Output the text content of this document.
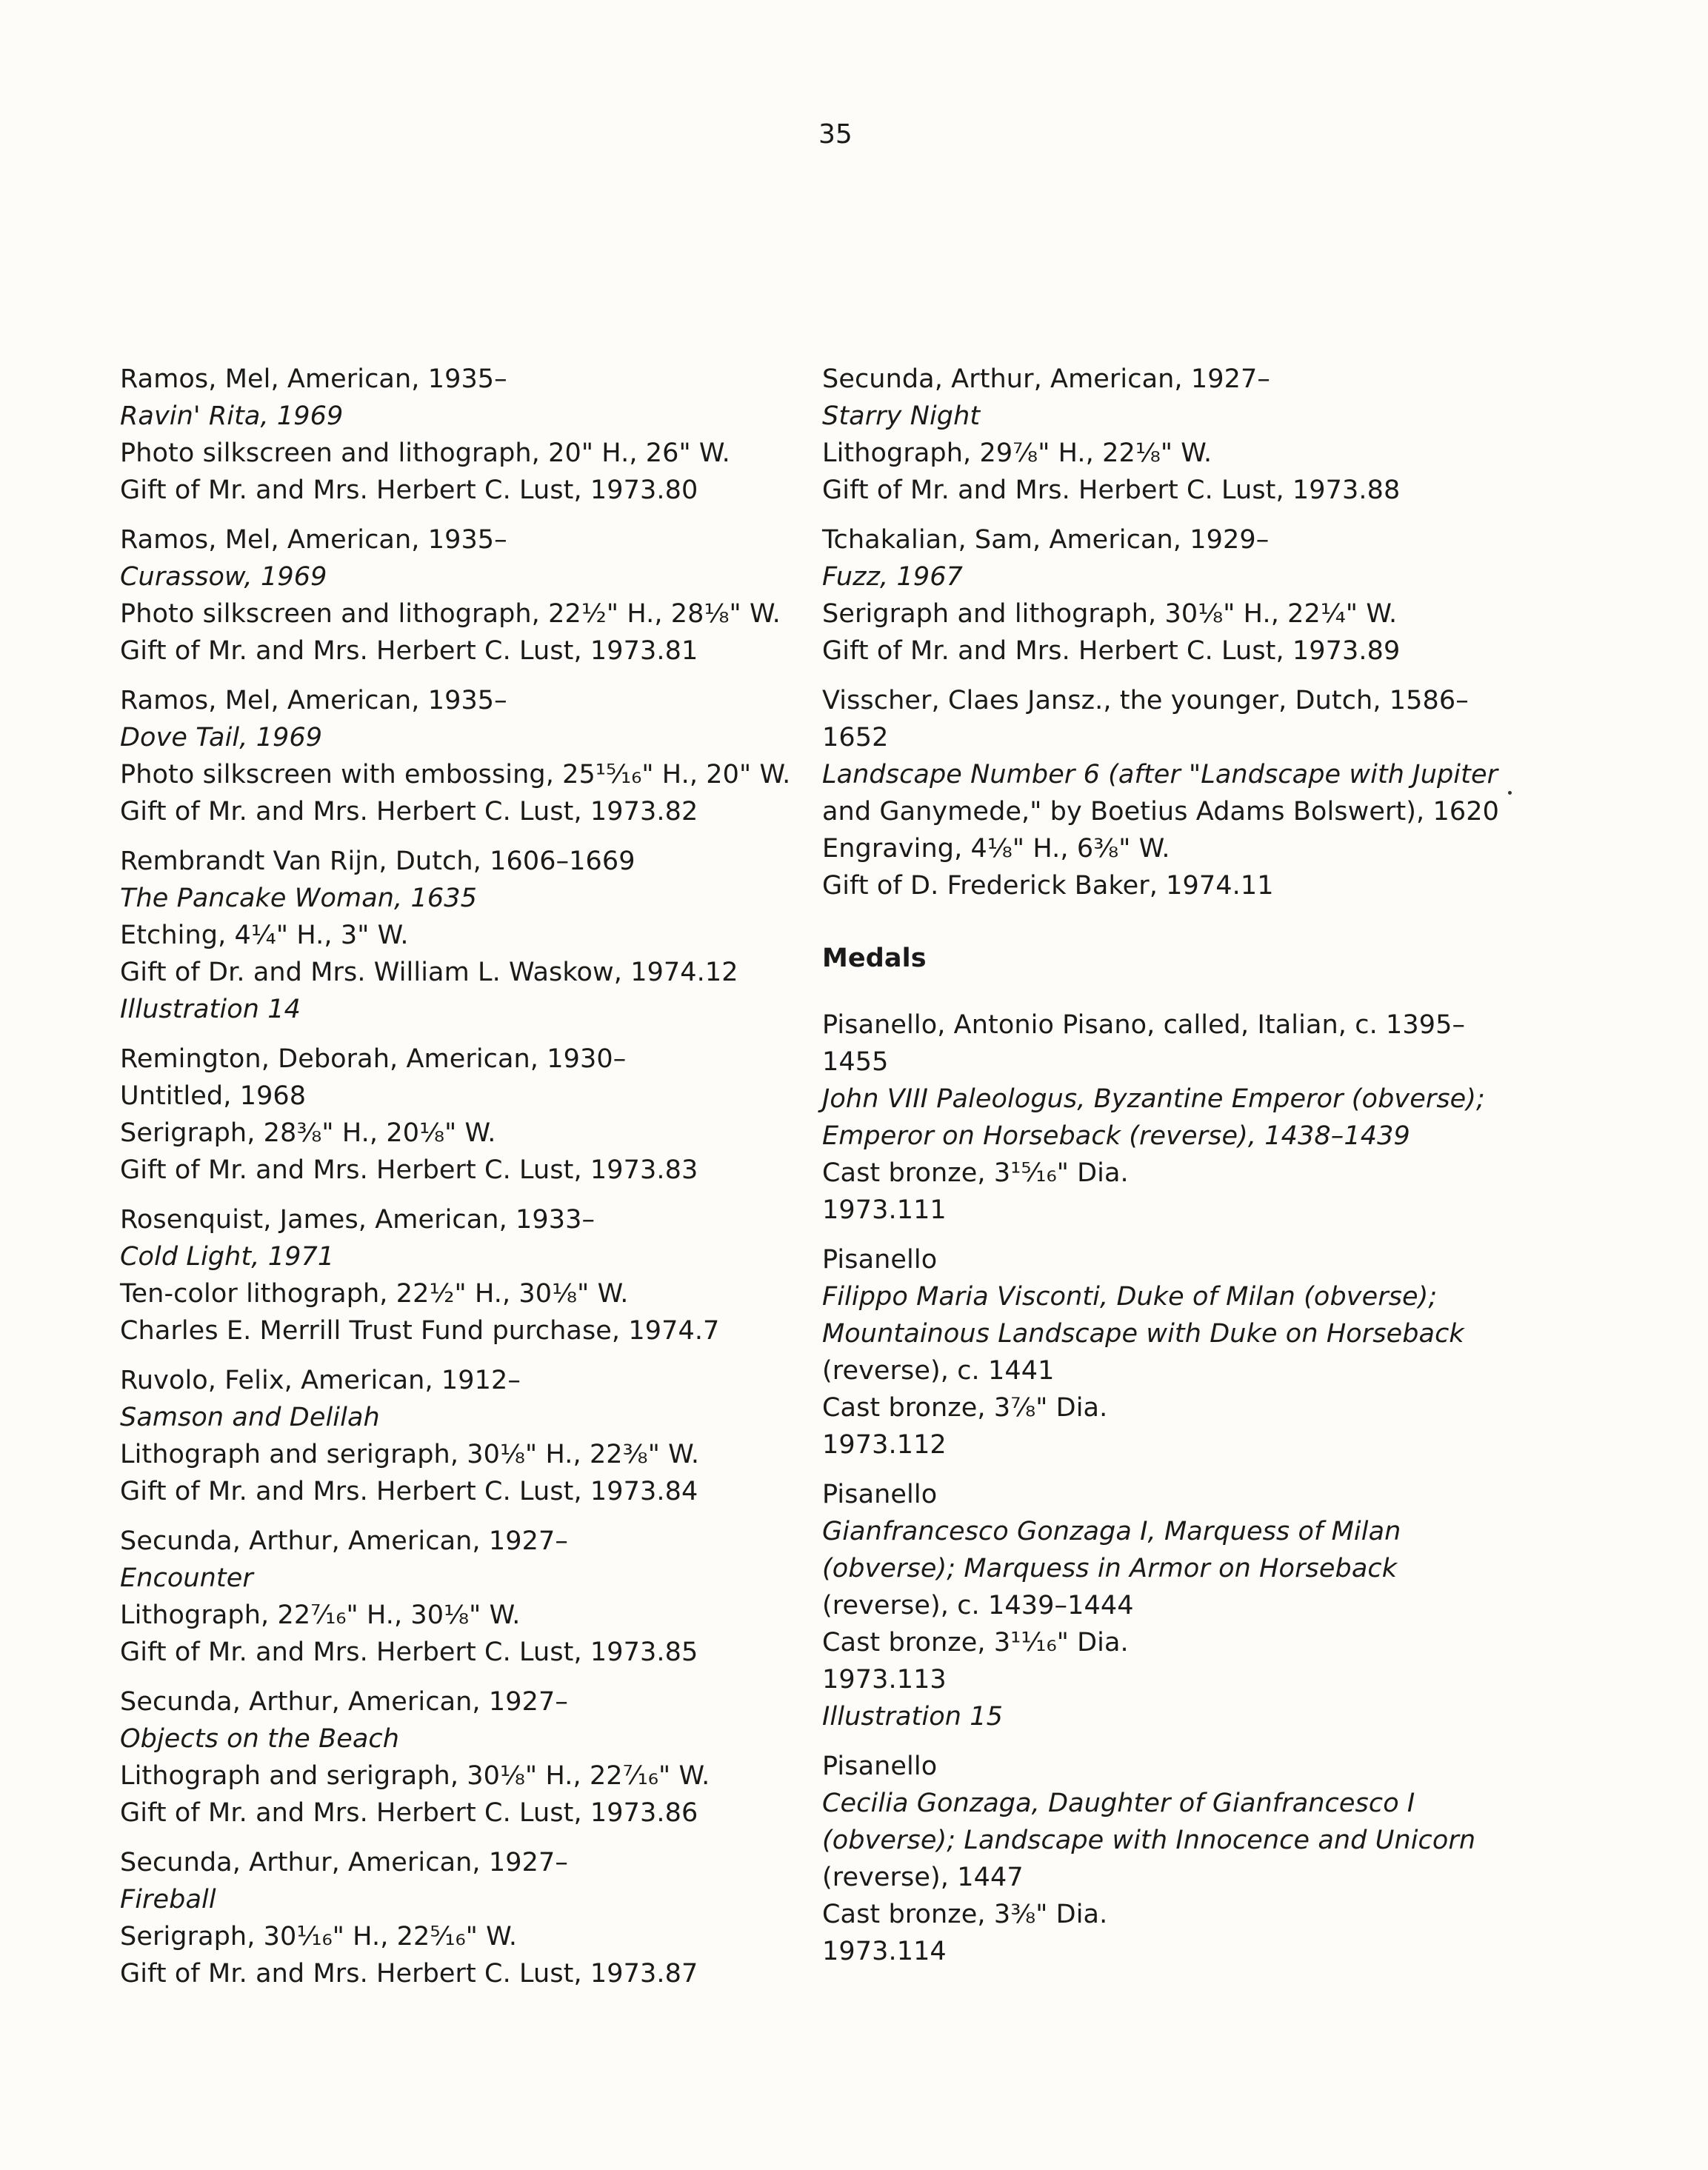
35
Ramos, Mel, American, 1935–
Ravin' Rita, 1969
Photo silkscreen and lithograph, 20" H., 26" W.
Gift of Mr. and Mrs. Herbert C. Lust, 1973.80
Ramos, Mel, American, 1935–
Curassow, 1969
Photo silkscreen and lithograph, 22½" H., 28⅛" W.
Gift of Mr. and Mrs. Herbert C. Lust, 1973.81
Ramos, Mel, American, 1935–
Dove Tail, 1969
Photo silkscreen with embossing, 25¹⁵⁄₁₆" H., 20" W.
Gift of Mr. and Mrs. Herbert C. Lust, 1973.82
Rembrandt Van Rijn, Dutch, 1606–1669
The Pancake Woman, 1635
Etching, 4¼" H., 3" W.
Gift of Dr. and Mrs. William L. Waskow, 1974.12
Illustration 14
Remington, Deborah, American, 1930–
Untitled, 1968
Serigraph, 28⅜" H., 20⅛" W.
Gift of Mr. and Mrs. Herbert C. Lust, 1973.83
Rosenquist, James, American, 1933–
Cold Light, 1971
Ten-color lithograph, 22½" H., 30⅛" W.
Charles E. Merrill Trust Fund purchase, 1974.7
Ruvolo, Felix, American, 1912–
Samson and Delilah
Lithograph and serigraph, 30⅛" H., 22⅜" W.
Gift of Mr. and Mrs. Herbert C. Lust, 1973.84
Secunda, Arthur, American, 1927–
Encounter
Lithograph, 22⁷⁄₁₆" H., 30⅛" W.
Gift of Mr. and Mrs. Herbert C. Lust, 1973.85
Secunda, Arthur, American, 1927–
Objects on the Beach
Lithograph and serigraph, 30⅛" H., 22⁷⁄₁₆" W.
Gift of Mr. and Mrs. Herbert C. Lust, 1973.86
Secunda, Arthur, American, 1927–
Fireball
Serigraph, 30¹⁄₁₆" H., 22⁵⁄₁₆" W.
Gift of Mr. and Mrs. Herbert C. Lust, 1973.87
Secunda, Arthur, American, 1927–
Starry Night
Lithograph, 29⅞" H., 22⅛" W.
Gift of Mr. and Mrs. Herbert C. Lust, 1973.88
Tchakalian, Sam, American, 1929–
Fuzz, 1967
Serigraph and lithograph, 30⅛" H., 22¼" W.
Gift of Mr. and Mrs. Herbert C. Lust, 1973.89
Visscher, Claes Jansz., the younger, Dutch, 1586–
1652
Landscape Number 6 (after "Landscape with Jupiter
and Ganymede," by Boetius Adams Bolswert), 1620
Engraving, 4⅛" H., 6⅜" W.
Gift of D. Frederick Baker, 1974.11
Medals
Pisanello, Antonio Pisano, called, Italian, c. 1395–
1455
John VIII Paleologus, Byzantine Emperor (obverse);
Emperor on Horseback (reverse), 1438–1439
Cast bronze, 3¹⁵⁄₁₆" Dia.
1973.111
Pisanello
Filippo Maria Visconti, Duke of Milan (obverse);
Mountainous Landscape with Duke on Horseback
(reverse), c. 1441
Cast bronze, 3⅞" Dia.
1973.112
Pisanello
Gianfrancesco Gonzaga I, Marquess of Milan
(obverse); Marquess in Armor on Horseback
(reverse), c. 1439–1444
Cast bronze, 3¹¹⁄₁₆" Dia.
1973.113
Illustration 15
Pisanello
Cecilia Gonzaga, Daughter of Gianfrancesco I
(obverse); Landscape with Innocence and Unicorn
(reverse), 1447
Cast bronze, 3⅜" Dia.
1973.114
